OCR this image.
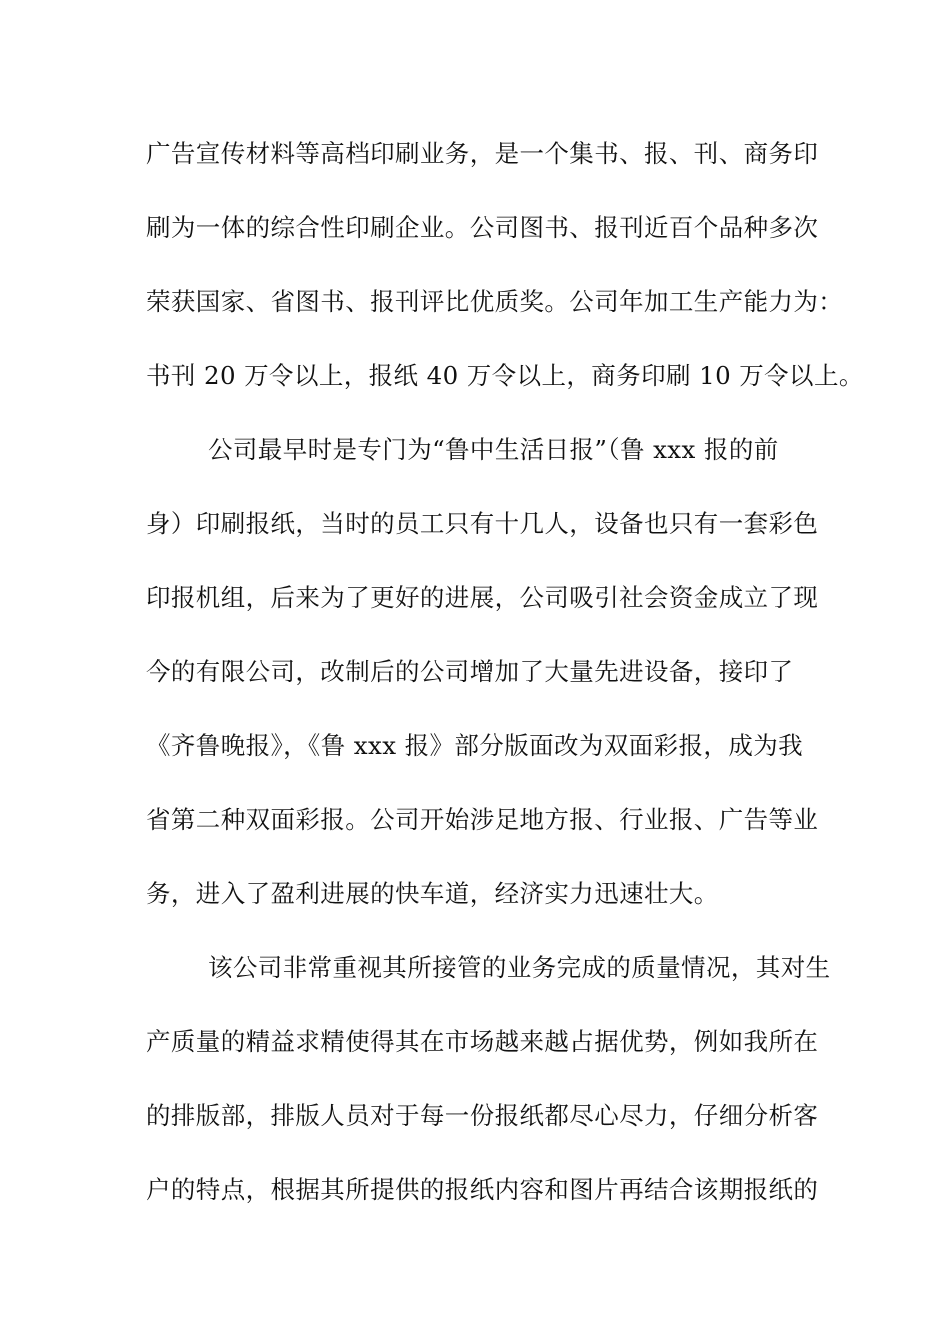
广告宣传材料等高档印刷业务，是一个集书、报、刊、商务印
刷为一体的综合性印刷企业。公司图书、报刊近百个品种多次
荣获国家、省图书、报刊评比优质奖。公司年加工生产能力为：
书刊 20 万令以上，报纸 40 万令以上，商务印刷 10 万令以上。
公司最早时是专门为“鲁中生活日报”（鲁 xxx 报的前
身）印刷报纸，当时的员工只有十几人，设备也只有一套彩色
印报机组，后来为了更好的进展，公司吸引社会资金成立了现
今的有限公司，改制后的公司增加了大量先进设备，接印了
《齐鲁晚报》，《鲁 xxx 报》部分版面改为双面彩报，成为我
省第二种双面彩报。公司开始涉足地方报、行业报、广告等业
务，进入了盈利进展的快车道，经济实力迅速壮大。
该公司非常重视其所接管的业务完成的质量情况，其对生
产质量的精益求精使得其在市场越来越占据优势，例如我所在
的排版部，排版人员对于每一份报纸都尽心尽力，仔细分析客
户的特点，根据其所提供的报纸内容和图片再结合该期报纸的
